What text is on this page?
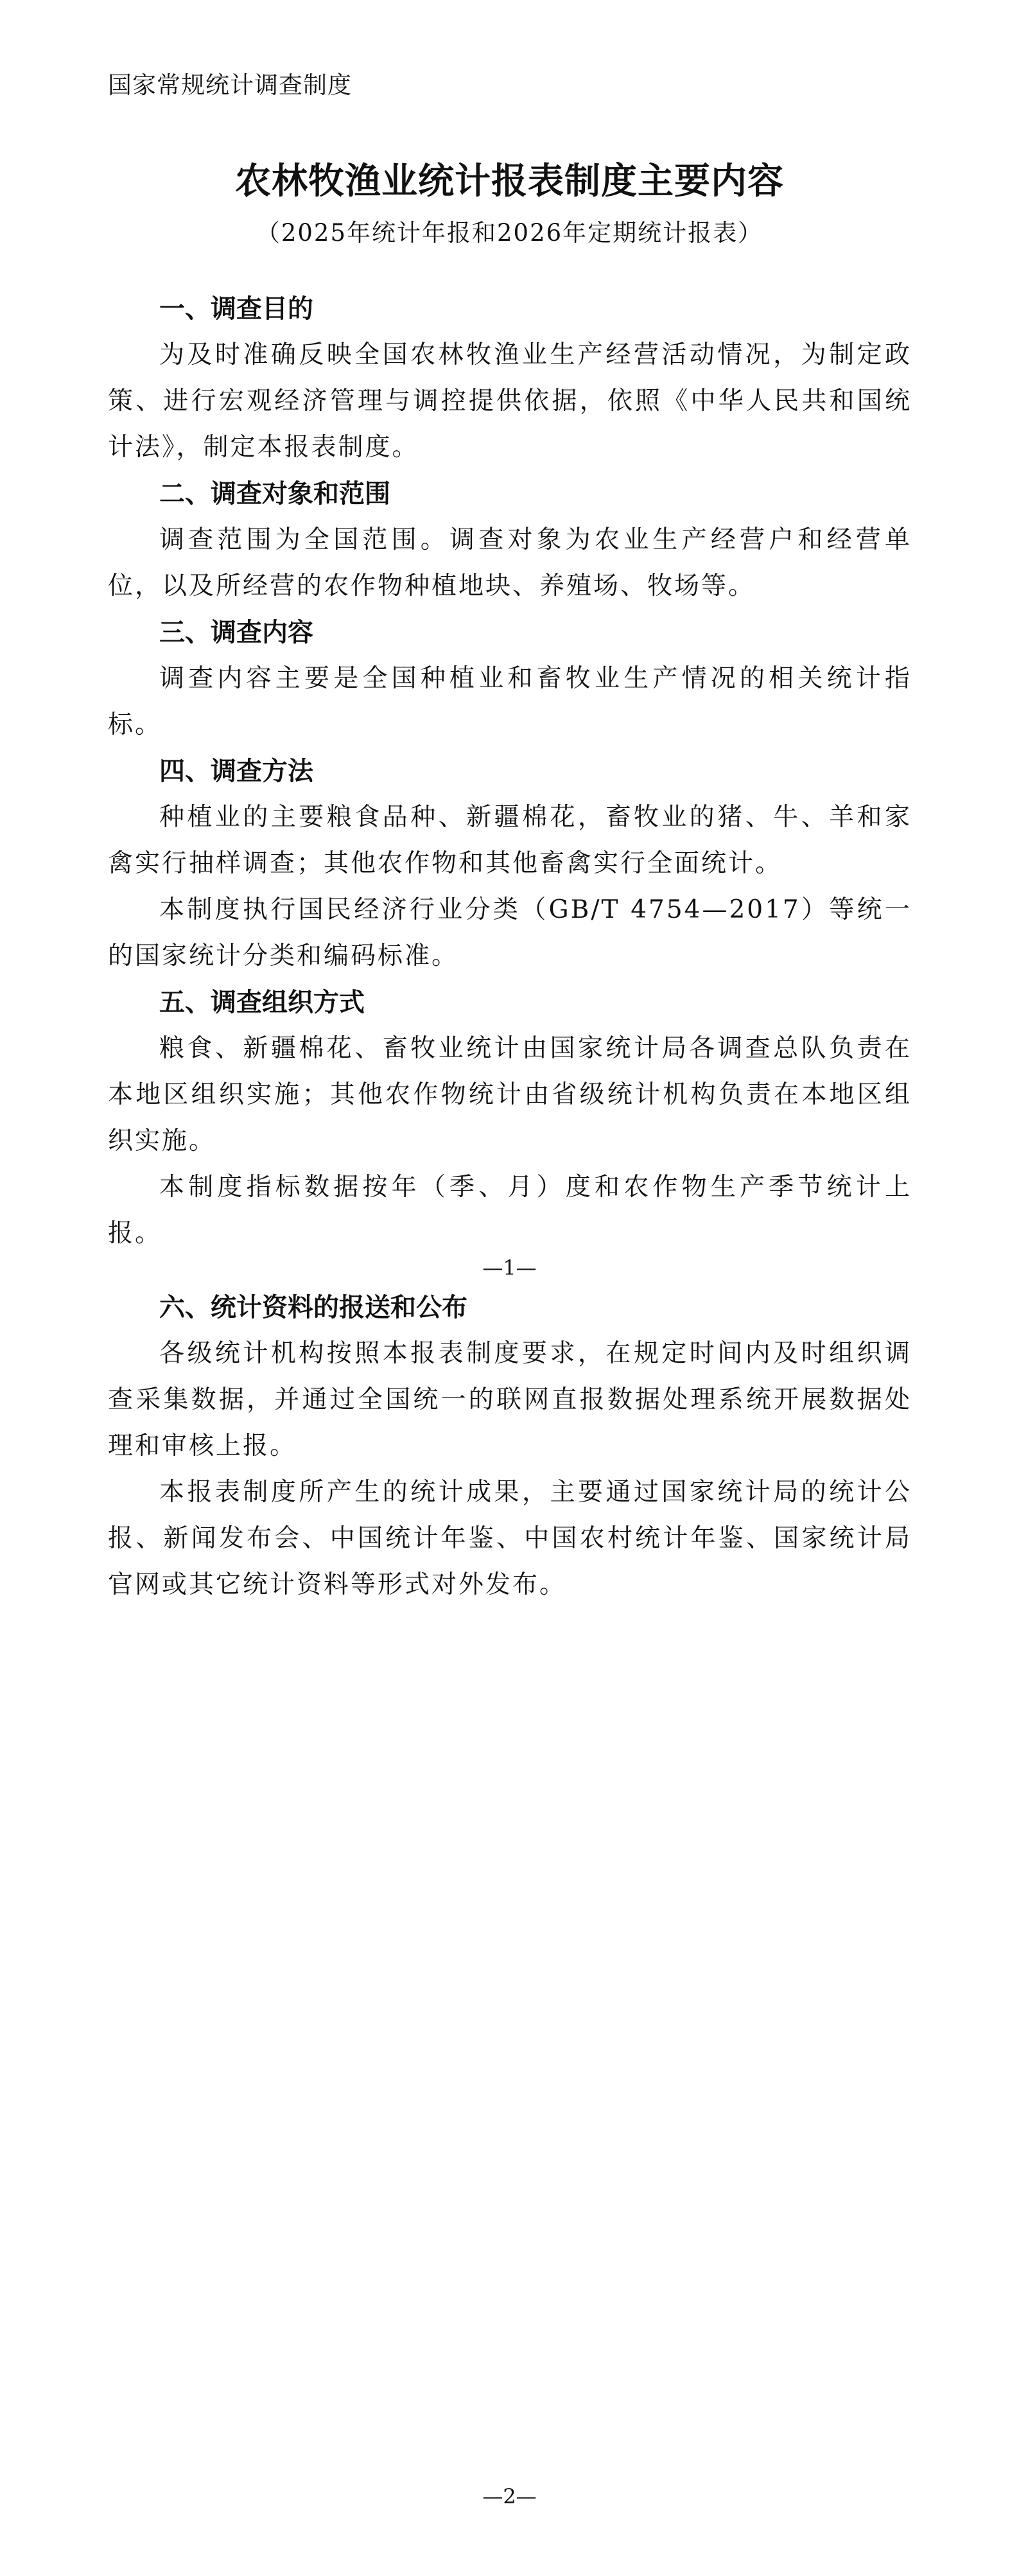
国家常规统计调查制度
农林牧渔业统计报表制度主要内容
（2025年统计年报和2026年定期统计报表）

一、调查目的

为及时准确反映全国农林牧渔业生产经营活动情况，为制定政策、进行宏观经济管理与调控提供依据，依照《中华人民共和国统计法》，制定本报表制度。

二、调查对象和范围

调查范围为全国范围。调查对象为农业生产经营户和经营单位，以及所经营的农作物种植地块、养殖场、牧场等。

三、调查内容

调查内容主要是全国种植业和畜牧业生产情况的相关统计指标。

四、调查方法

种植业的主要粮食品种、新疆棉花，畜牧业的猪、牛、羊和家禽实行抽样调查；其他农作物和其他畜禽实行全面统计。

本制度执行国民经济行业分类（GB/T 4754—2017）等统一的国家统计分类和编码标准。

五、调查组织方式

粮食、新疆棉花、畜牧业统计由国家统计局各调查总队负责在本地区组织实施；其他农作物统计由省级统计机构负责在本地区组织实施。

本制度指标数据按年（季、月）度和农作物生产季节统计上报。

—1—

六、统计资料的报送和公布

各级统计机构按照本报表制度要求，在规定时间内及时组织调查采集数据，并通过全国统一的联网直报数据处理系统开展数据处理和审核上报。

本报表制度所产生的统计成果，主要通过国家统计局的统计公报、新闻发布会、中国统计年鉴、中国农村统计年鉴、国家统计局官网或其它统计资料等形式对外发布。

—2—
